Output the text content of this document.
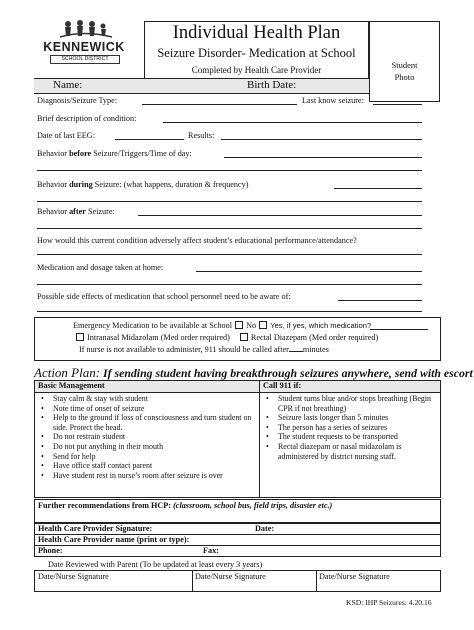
KENNEWICK
SCHOOL DISTRICT
Individual Health Plan
Seizure Disorder- Medication at School
Completed by Health Care Provider	Student
Photo
Name:	Birth Date:
Diagnosis/Seizure Type:	Last know seizure:
Brief description of condition:
Date of last EEG:	Results:
Behavior before Seizure/Triggers/Time of day:
Behavior during Seizure: (what happens, duration & frequency)
Behavior after Seizure:
How would this current condition adversely affect student’s educational performance/attendance?
Medication and dosage taken at home:
Possible side effects of medication that school personnel need to be aware of:
Emergency Medication to be available at School No Yes, if yes, which medication?
Intranasal Midazolam (Med order required)	Rectal Diazepam (Med order required)
If nurse is not available to administer, 911 should be called after minutes
Action Plan: If sending student having breakthrough seizures anywhere, send with escort
Basic Management	Call 911 if:
• Stay calm & stay with student
• Note time of onset of seizure
• Help to the ground if loss of consciousness and turn student on side. Protect the head.
• Do not restrain student
• Do not put anything in their mouth
• Send for help
• Have office staff contact parent
• Have student rest in nurse’s room after seizure is over
• Student turns blue and/or stops breathing (Begin CPR if not breathing)
• Seizure lasts longer than 5 minutes
• The person has a series of seizures
• The student requests to be transported
• Rectal diazepam or nasal midazolam is administered by district nursing staff.
Further recommendations from HCP: (classroom, school bus, field trips, disaster etc.)
Health Care Provider Signature:	Date:
Health Care Provider name (print or type):
Phone:	Fax:
Date Reviewed with Parent (To be updated at least every 3 years)
Date/Nurse Signature	Date/Nurse Signature	Date/Nurse Signature
KSD: IHP Seizures: 4.20.16
